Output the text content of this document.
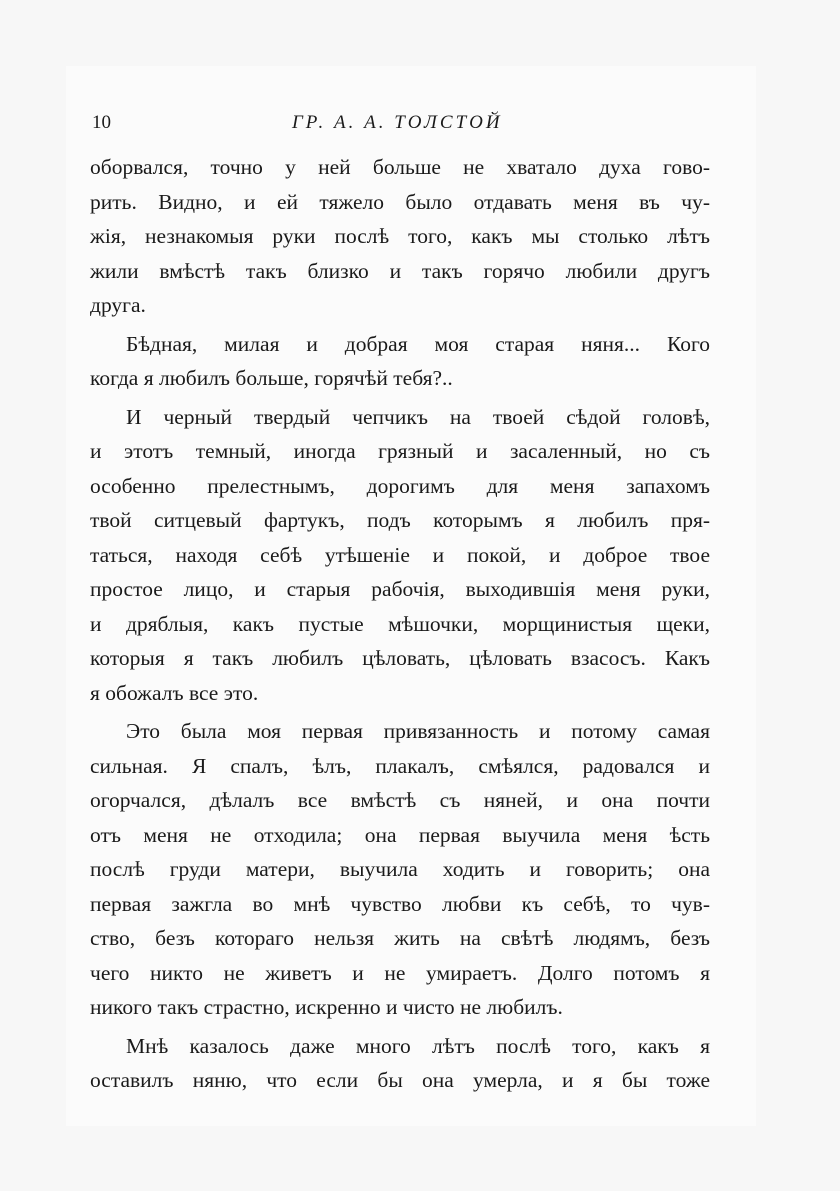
10	ГР. А. А. ТОЛСТОЙ
оборвался, точно у ней больше не хватало духа гово-
рить. Видно, и ей тяжело было отдавать меня въ чу-
жія, незнакомыя руки послѣ того, какъ мы столько лѣтъ
жили вмѣстѣ такъ близко и такъ горячо любили другъ
друга.
Бѣдная, милая и добрая моя старая няня... Кого
когда я любилъ больше, горячѣй тебя?..
И черный твердый чепчикъ на твоей сѣдой головѣ,
и этотъ темный, иногда грязный и засаленный, но съ
особенно прелестнымъ, дорогимъ для меня запахомъ
твой ситцевый фартукъ, подъ которымъ я любилъ пря-
таться, находя себѣ утѣшеніе и покой, и доброе твое
простое лицо, и старыя рабочія, выходившія меня руки,
и дряблыя, какъ пустые мѣшочки, морщинистыя щеки,
которыя я такъ любилъ цѣловать, цѣловать взасосъ. Какъ
я обожалъ все это.
Это была моя первая привязанность и потому самая
сильная. Я спалъ, ѣлъ, плакалъ, смѣялся, радовался и
огорчался, дѣлалъ все вмѣстѣ съ няней, и она почти
отъ меня не отходила; она первая выучила меня ѣсть
послѣ груди матери, выучила ходить и говорить; она
первая зажгла во мнѣ чувство любви къ себѣ, то чув-
ство, безъ котораго нельзя жить на свѣтѣ людямъ, безъ
чего никто не живетъ и не умираетъ. Долго потомъ я
никого такъ страстно, искренно и чисто не любилъ.
Мнѣ казалось даже много лѣтъ послѣ того, какъ я
оставилъ няню, что если бы она умерла, и я бы тоже
